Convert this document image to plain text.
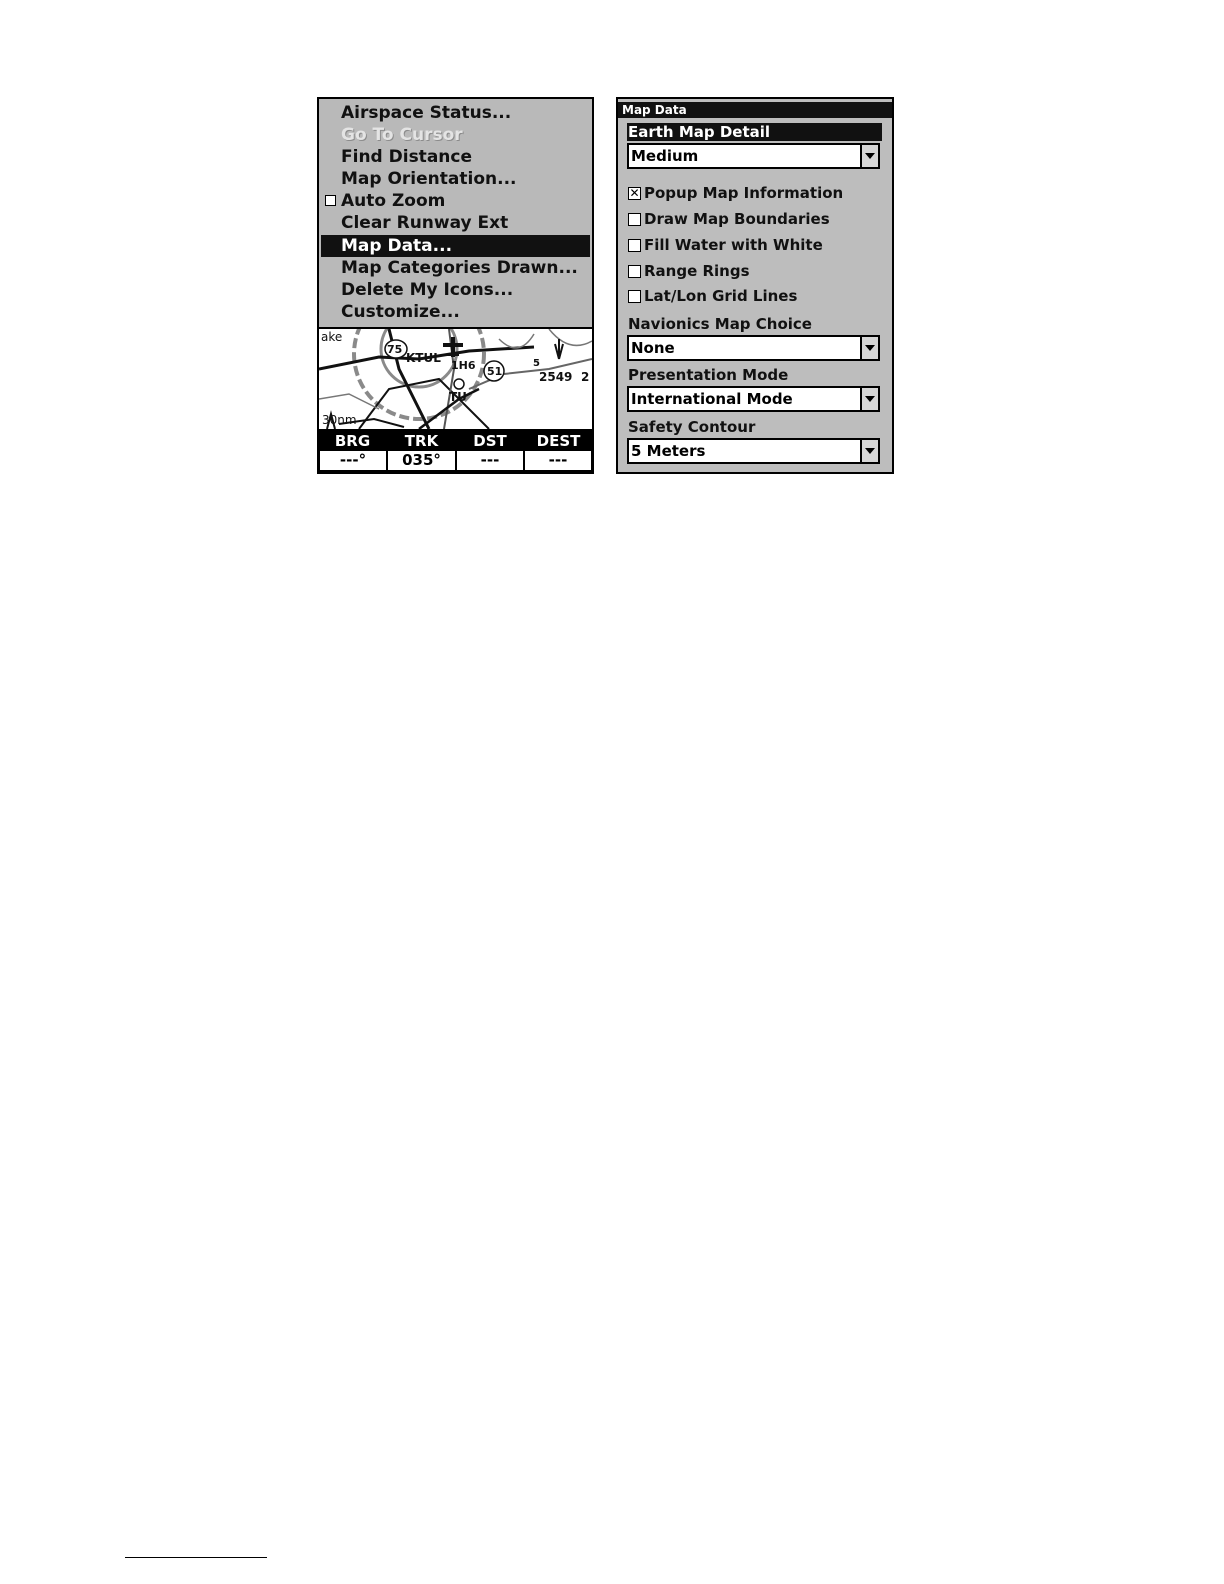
Airspace Status...
Go To Cursor
Find Distance
Map Orientation...
Auto Zoom
Clear Runway Ext
Map Data...
Map Categories Drawn...
Delete My Icons...
Customize...
ake
75
KTUL
1H6 51
5
2549 2
TU
30nm
BRG	TRK	DST	DEST
---°	035°	---	---
Map Data
Earth Map Detail
Medium
✕ Popup Map Information
Draw Map Boundaries
Fill Water with White
Range Rings
Lat/Lon Grid Lines
Navionics Map Choice
None
Presentation Mode
International Mode
Safety Contour
5 Meters
